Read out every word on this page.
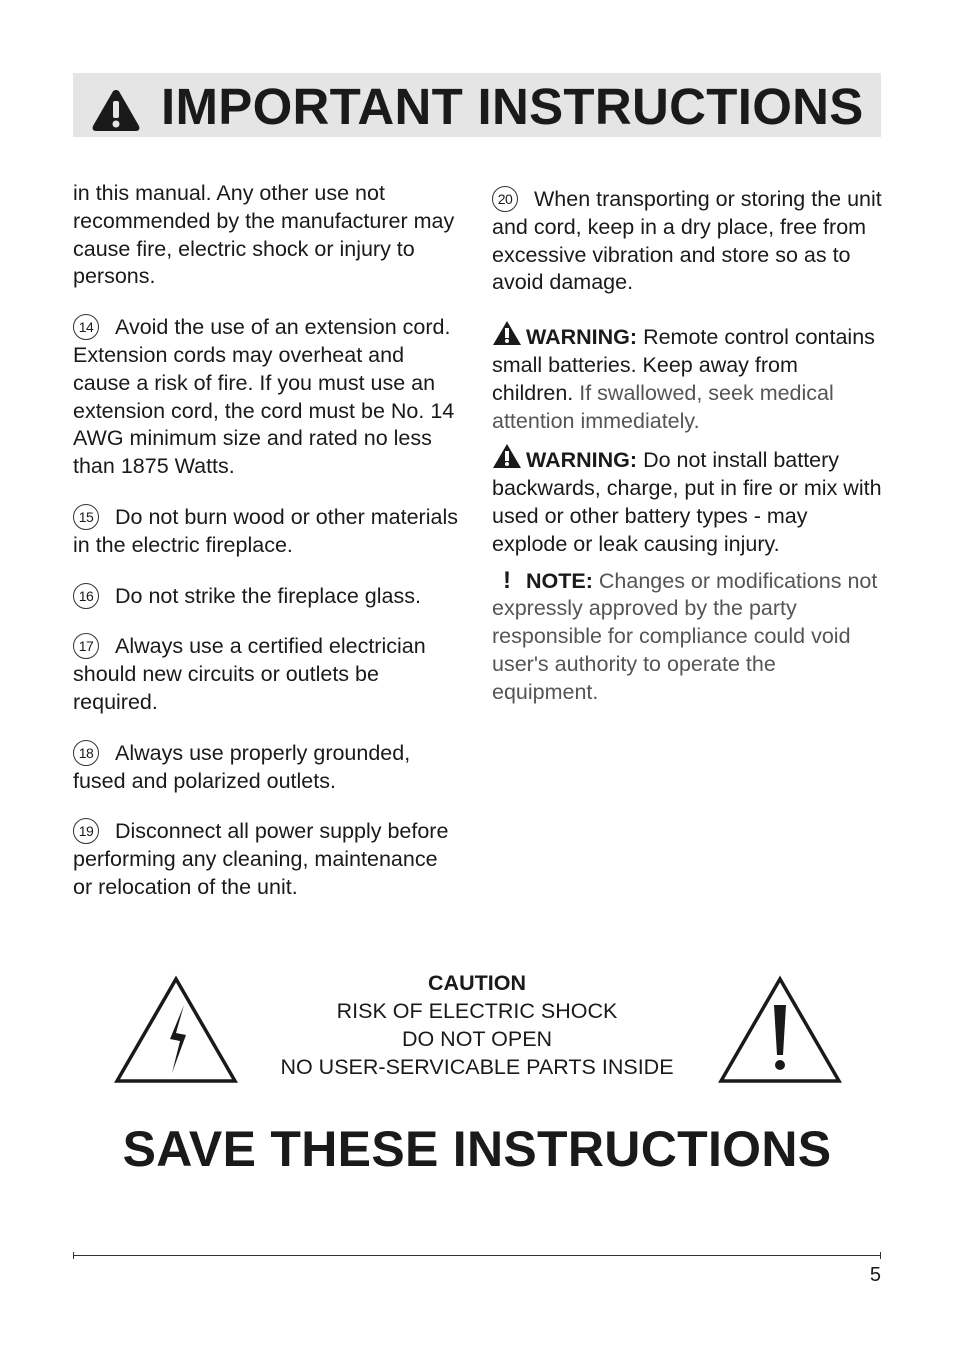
IMPORTANT INSTRUCTIONS

in this manual. Any other use not recommended by the manufacturer may cause fire, electric shock or injury to persons.

14 Avoid the use of an extension cord. Extension cords may overheat and cause a risk of fire. If you must use an extension cord, the cord must be No. 14 AWG minimum size and rated no less than 1875 Watts.

15 Do not burn wood or other materials in the electric fireplace.

16 Do not strike the fireplace glass.

17 Always use a certified electrician should new circuits or outlets be required.

18 Always use properly grounded, fused and polarized outlets.

19 Disconnect all power supply before performing any cleaning, maintenance or relocation of the unit.

20 When transporting or storing the unit and cord, keep in a dry place, free from excessive vibration and store so as to avoid damage.

WARNING: Remote control contains small batteries. Keep away from children. If swallowed, seek medical attention immediately.

WARNING: Do not install battery backwards, charge, put in fire or mix with used or other battery types - may explode or leak causing injury.

! NOTE: Changes or modifications not expressly approved by the party responsible for compliance could void user's authority to operate the equipment.

CAUTION
RISK OF ELECTRIC SHOCK
DO NOT OPEN
NO USER-SERVICABLE PARTS INSIDE
SAVE THESE INSTRUCTIONS
5
